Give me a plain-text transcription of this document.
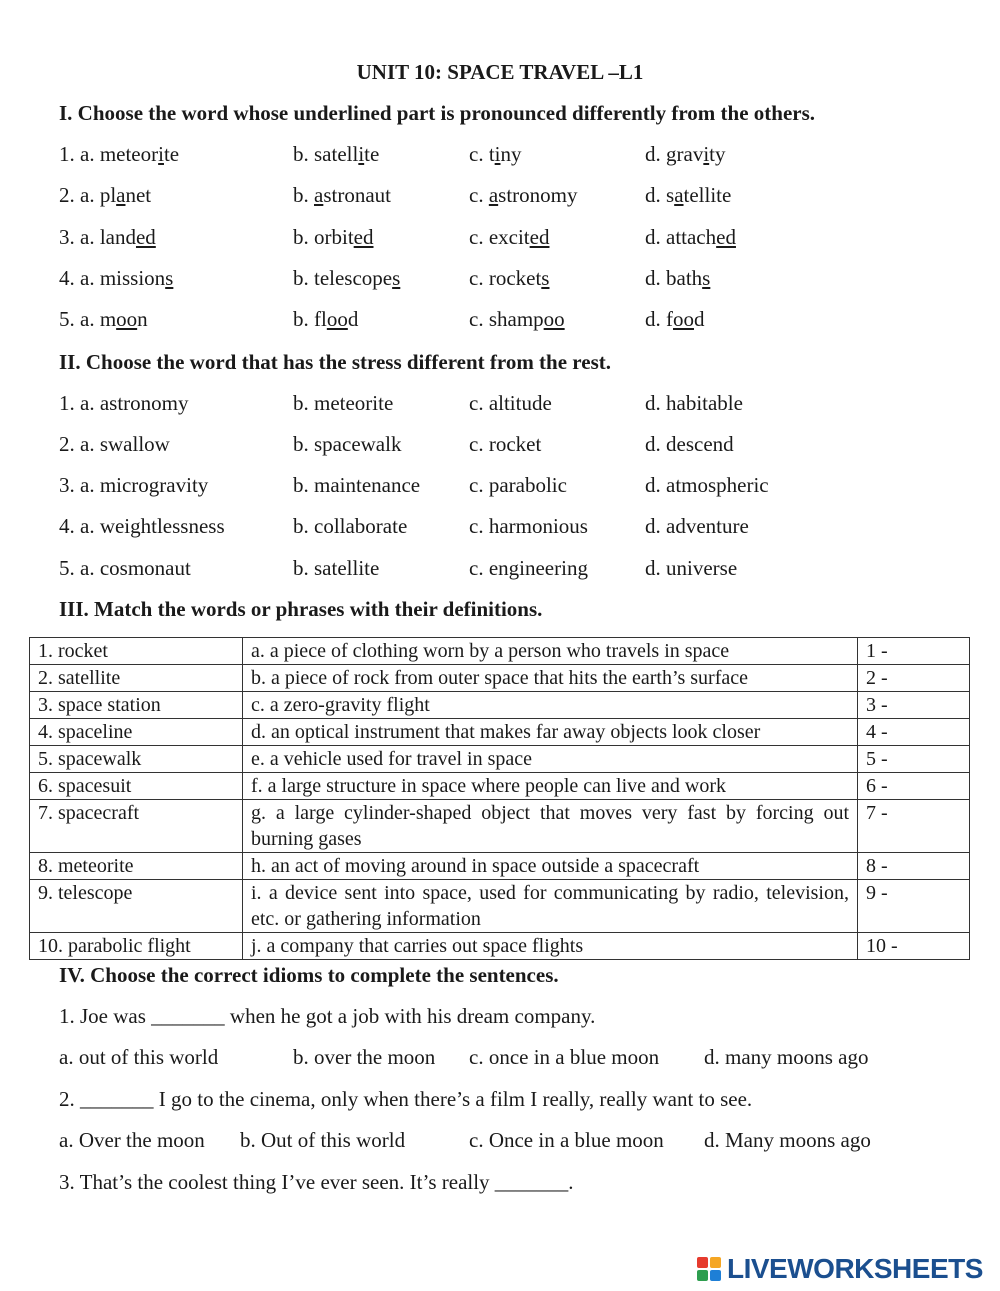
UNIT 10: SPACE TRAVEL –L1
I. Choose the word whose underlined part is pronounced differently from the others.
1. a. meteorite	b. satellite	c. tiny	d. gravity
2. a. planet	b. astronaut	c. astronomy	d. satellite
3. a. landed	b. orbited	c. excited	d. attached
4. a. missions	b. telescopes	c. rockets	d. baths
5. a. moon	b. flood	c. shampoo	d. food
II. Choose the word that has the stress different from the rest.
1. a. astronomy	b. meteorite	c. altitude	d. habitable
2. a. swallow	b. spacewalk	c. rocket	d. descend
3. a. microgravity	b. maintenance c. parabolic	d. atmospheric
4. a. weightlessness	b. collaborate	c. harmonious	d. adventure
5. a. cosmonaut	b. satellite	c. engineering	d. universe
III. Match the words or phrases with their definitions.
1. rocket	a. a piece of clothing worn by a person who travels in space	1 -
2. satellite	b. a piece of rock from outer space that hits the earth’s surface	2 -
3. space station	c. a zero-gravity flight	3 -
4. spaceline	d. an optical instrument that makes far away objects look closer	4 -
5. spacewalk	e. a vehicle used for travel in space	5 -
6. spacesuit	f. a large structure in space where people can live and work	6 -
7. spacecraft	g. a large cylinder-shaped object that moves very fast by forcing out burning gases	7 -
8. meteorite	h. an act of moving around in space outside a spacecraft	8 -
9. telescope	i. a device sent into space, used for communicating by radio, television, etc. or gathering information	9 -
10. parabolic flight	j. a company that carries out space flights	10 -
IV. Choose the correct idioms to complete the sentences.
1. Joe was _______ when he got a job with his dream company.
a. out of this world	b. over the moon c. once in a blue moon d. many moons ago
2. _______ I go to the cinema, only when there’s a film I really, really want to see.
a. Over the moon b. Out of this world	c. Once in a blue moon d. Many moons ago
3. That’s the coolest thing I’ve ever seen. It’s really _______.
LIVEWORKSHEETS
